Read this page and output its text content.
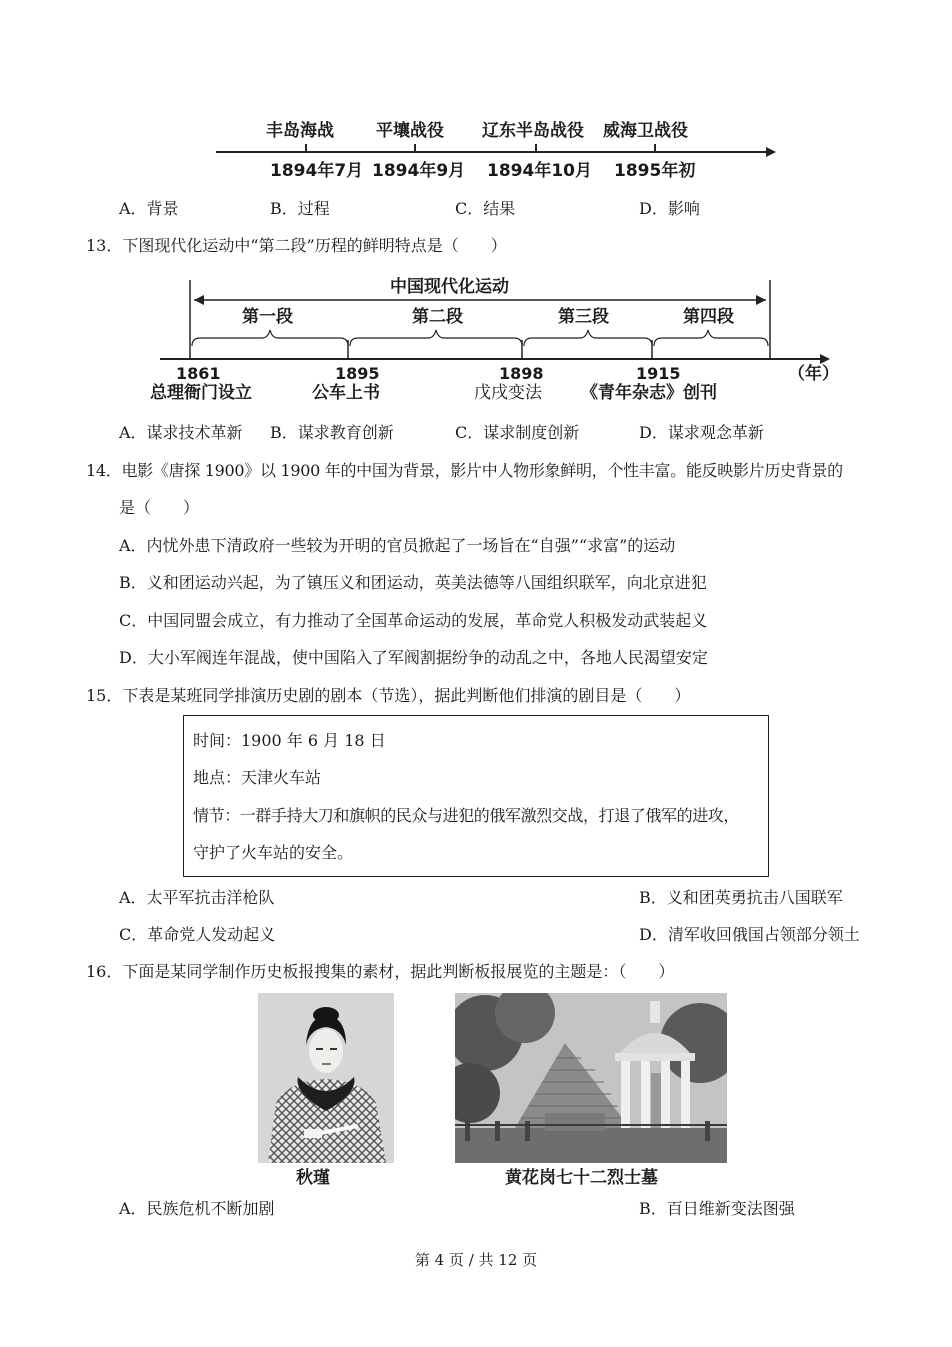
丰岛海战 平壤战役 辽东半岛战役 威海卫战役
1894年7月 1894年9月 1894年10月 1895年初
A．背景	B．过程	C．结果	D．影响
13．下图现代化运动中“第二段”历程的鲜明特点是（　　）
中国现代化运动
第一段	第二段	第三段	第四段
1861	1895	1898	1915	（年）
总理衙门设立	公车上书	戊戌变法 《青年杂志》创刊
A．谋求技术革新 B．谋求教育创新	C．谋求制度创新	D．谋求观念革新
14．电影《唐探 1900》以 1900 年的中国为背景，影片中人物形象鲜明，个性丰富。能反映影片历史背景的
是（　　）
A．内忧外患下清政府一些较为开明的官员掀起了一场旨在“自强”“求富”的运动
B．义和团运动兴起，为了镇压义和团运动，英美法德等八国组织联军，向北京进犯
C．中国同盟会成立，有力推动了全国革命运动的发展，革命党人积极发动武装起义
D．大小军阀连年混战，使中国陷入了军阀割据纷争的动乱之中，各地人民渴望安定
15．下表是某班同学排演历史剧的剧本（节选），据此判断他们排演的剧目是（　　）
时间：1900 年 6 月 18 日
地点：天津火车站
情节：一群手持大刀和旗帜的民众与进犯的俄军激烈交战，打退了俄军的进攻，
守护了火车站的安全。
A．太平军抗击洋枪队	B．义和团英勇抗击八国联军
C．革命党人发动起义	D．清军收回俄国占领部分领土
16．下面是某同学制作历史板报搜集的素材，据此判断板报展览的主题是：（　　）
秋瑾	黄花岗七十二烈士墓
A．民族危机不断加剧	B．百日维新变法图强
第 4 页 / 共 12 页
